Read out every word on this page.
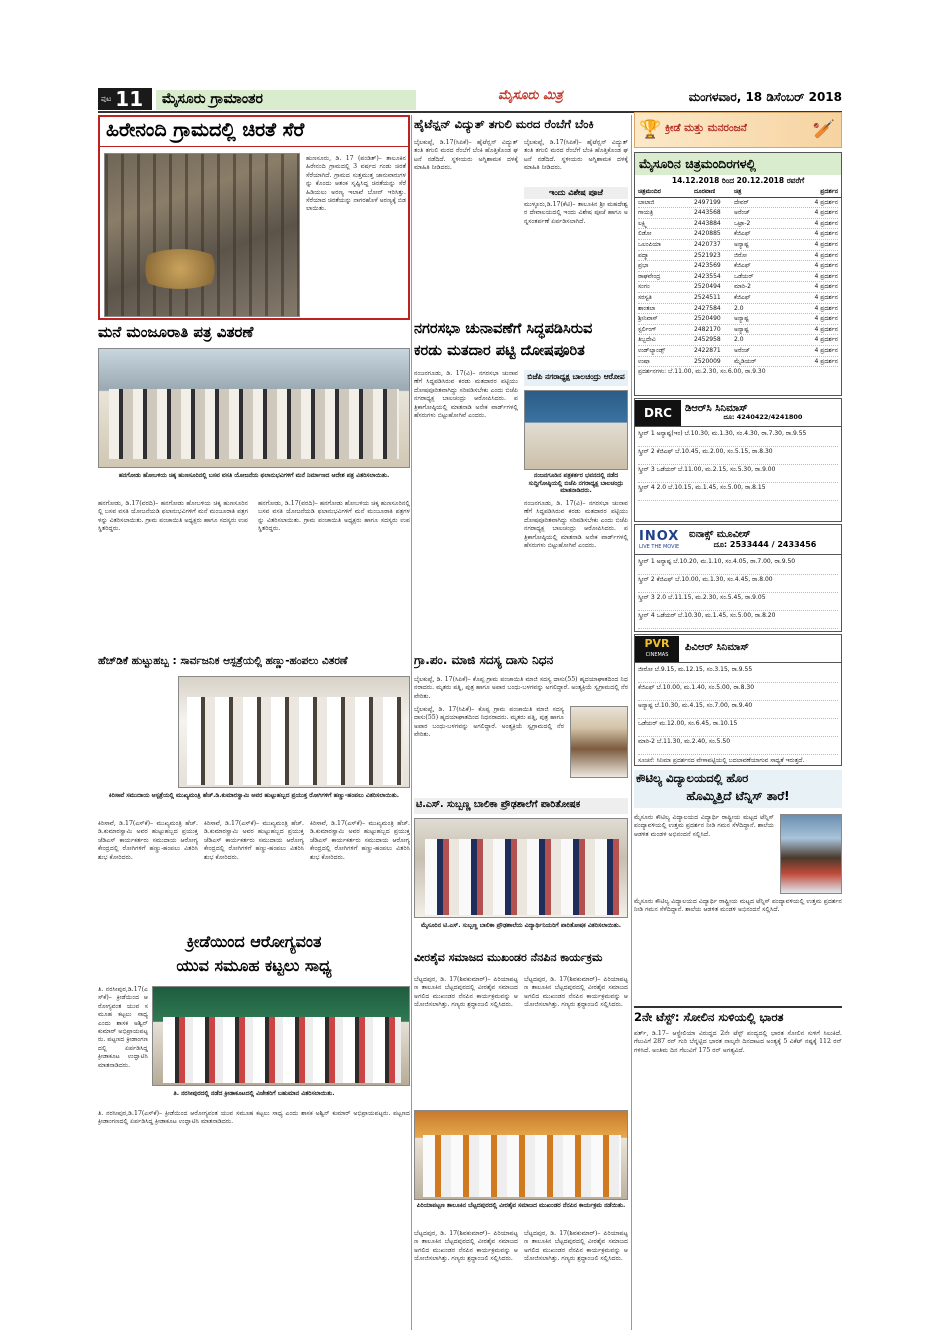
ಪುಟ 11	ಮೈಸೂರು ಗ್ರಾಮಾಂತರ	ಮೈಸೂರು ಮಿತ್ರ	ಮಂಗಳವಾರ, 18 ಡಿಸೆಂಬರ್ 2018
ಹಿರೇನಂದಿ ಗ್ರಾಮದಲ್ಲಿ ಚಿರತೆ ಸೆರೆ
ಹುಣಸೂರು, ಡಿ. 17 (ಪಂಡಿತ್)– ತಾಲೂಕಿನ ಹಿರೇನಂದಿ ಗ್ರಾಮದಲ್ಲಿ 3 ವರ್ಷದ ಗಂಡು ಚಿರತೆ ಸೆರೆಯಾಗಿದೆ. ಗ್ರಾಮದ ಸುತ್ತಮುತ್ತ ಜಾನುವಾರುಗಳನ್ನು ಕೊಂದು ಆತಂಕ ಸೃಷ್ಟಿಸಿದ್ದ ಚಿರತೆಯನ್ನು ಸೆರೆ ಹಿಡಿಯಲು ಅರಣ್ಯ ಇಲಾಖೆ ಬೋನ್ ಇರಿಸಿತ್ತು. ಸೆರೆಯಾದ ಚಿರತೆಯನ್ನು ನಾಗರಹೊಳೆ ಅರಣ್ಯಕ್ಕೆ ಬಿಡಲಾಯಿತು.
ಹೈಟೆನ್ಷನ್ ವಿದ್ಯುತ್ ತಗುಲಿ ಮರದ ರೆಂಬೆಗೆ ಬೆಂಕಿ
ಬೈಲಕುಪ್ಪೆ, ಡಿ.17(ಸಿಪಿಕೆ)– ಹೈಟೆನ್ಷನ್ ವಿದ್ಯುತ್ ತಂತಿ ತಗುಲಿ ಮರದ ರೆಂಬೆಗೆ ಬೆಂಕಿ ಹೊತ್ತಿಕೊಂಡ ಘಟನೆ ನಡೆದಿದೆ. ಸ್ಥಳೀಯರು ಅಗ್ನಿಶಾಮಕ ದಳಕ್ಕೆ ಮಾಹಿತಿ ನೀಡಿದರು.
ಬೈಲಕುಪ್ಪೆ, ಡಿ.17(ಸಿಪಿಕೆ)– ಹೈಟೆನ್ಷನ್ ವಿದ್ಯುತ್ ತಂತಿ ತಗುಲಿ ಮರದ ರೆಂಬೆಗೆ ಬೆಂಕಿ ಹೊತ್ತಿಕೊಂಡ ಘಟನೆ ನಡೆದಿದೆ. ಸ್ಥಳೀಯರು ಅಗ್ನಿಶಾಮಕ ದಳಕ್ಕೆ ಮಾಹಿತಿ ನೀಡಿದರು.
ಇಂದು ವಿಶೇಷ ಪೂಜೆ
ಮುಳ್ಳೂರು,ಡಿ.17(ಕೆಟಿ)– ತಾಲೂಕಿನ ಶ್ರೀ ಮಹದೇಶ್ವರ ದೇವಾಲಯದಲ್ಲಿ ಇಂದು ವಿಶೇಷ ಪೂಜೆ ಹಾಗೂ ಅನ್ನಸಂತರ್ಪಣೆ ಏರ್ಪಡಿಸಲಾಗಿದೆ.
ಮನೆ ಮಂಜೂರಾತಿ ಪತ್ರ ವಿತರಣೆ
ಹನಗೋಡು ಹೋಬಳಿಯ ಚಿಕ್ಕ ಹುಣಸೂರಿನಲ್ಲಿ ಬಸವ ವಸತಿ ಯೋಜನೆಯ ಫಲಾನುಭವಿಗಳಿಗೆ ಮನೆ ನಿರ್ಮಾಣದ ಆದೇಶ ಪತ್ರ ವಿತರಿಸಲಾಯಿತು.
ಹನಗೋಡು, ಡಿ.17(ವರದಿ)– ಹನಗೋಡು ಹೋಬಳಿಯ ಚಿಕ್ಕ ಹುಣಸೂರಿನಲ್ಲಿ ಬಸವ ವಸತಿ ಯೋಜನೆಯಡಿ ಫಲಾನುಭವಿಗಳಿಗೆ ಮನೆ ಮಂಜೂರಾತಿ ಪತ್ರಗಳನ್ನು ವಿತರಿಸಲಾಯಿತು. ಗ್ರಾಮ ಪಂಚಾಯಿತಿ ಅಧ್ಯಕ್ಷರು ಹಾಗೂ ಸದಸ್ಯರು ಉಪಸ್ಥಿತರಿದ್ದರು.
ಹನಗೋಡು, ಡಿ.17(ವರದಿ)– ಹನಗೋಡು ಹೋಬಳಿಯ ಚಿಕ್ಕ ಹುಣಸೂರಿನಲ್ಲಿ ಬಸವ ವಸತಿ ಯೋಜನೆಯಡಿ ಫಲಾನುಭವಿಗಳಿಗೆ ಮನೆ ಮಂಜೂರಾತಿ ಪತ್ರಗಳನ್ನು ವಿತರಿಸಲಾಯಿತು. ಗ್ರಾಮ ಪಂಚಾಯಿತಿ ಅಧ್ಯಕ್ಷರು ಹಾಗೂ ಸದಸ್ಯರು ಉಪಸ್ಥಿತರಿದ್ದರು.
ನಗರಸಭಾ ಚುನಾವಣೆಗೆ ಸಿದ್ಧಪಡಿಸಿರುವ
ಕರಡು ಮತದಾರ ಪಟ್ಟಿ ದೋಷಪೂರಿತ
ನಂಜನಗೂಡು, ಡಿ. 17(ವಿ)– ನಗರಸಭಾ ಚುನಾವಣೆಗೆ ಸಿದ್ಧಪಡಿಸಿರುವ ಕರಡು ಮತದಾರರ ಪಟ್ಟಿಯು ದೋಷಪೂರಿತವಾಗಿದ್ದು ಸರಿಪಡಿಸಬೇಕು ಎಂದು ಬಿಜೆಪಿ ನಗರಾಧ್ಯಕ್ಷ ಬಾಲಚಂದ್ರು ಆರೋಪಿಸಿದರು. ಪತ್ರಿಕಾಗೋಷ್ಠಿಯಲ್ಲಿ ಮಾತನಾಡಿ ಅನೇಕ ವಾರ್ಡ್‌ಗಳಲ್ಲಿ ಹೆಸರುಗಳು ಬಿಟ್ಟುಹೋಗಿವೆ ಎಂದರು.
ಬಿಜೆಪಿ ನಗರಾಧ್ಯಕ್ಷ ಬಾಲಚಂದ್ರು ಆರೋಪ
ನಂಜನಗೂಡಿನ ಪತ್ರಕರ್ತರ ಭವನದಲ್ಲಿ ನಡೆದ ಸುದ್ದಿಗೋಷ್ಠಿಯಲ್ಲಿ ಬಿಜೆಪಿ ನಗರಾಧ್ಯಕ್ಷ ಬಾಲಚಂದ್ರು ಮಾತನಾಡಿದರು.
ನಂಜನಗೂಡು, ಡಿ. 17(ವಿ)– ನಗರಸಭಾ ಚುನಾವಣೆಗೆ ಸಿದ್ಧಪಡಿಸಿರುವ ಕರಡು ಮತದಾರರ ಪಟ್ಟಿಯು ದೋಷಪೂರಿತವಾಗಿದ್ದು ಸರಿಪಡಿಸಬೇಕು ಎಂದು ಬಿಜೆಪಿ ನಗರಾಧ್ಯಕ್ಷ ಬಾಲಚಂದ್ರು ಆರೋಪಿಸಿದರು. ಪತ್ರಿಕಾಗೋಷ್ಠಿಯಲ್ಲಿ ಮಾತನಾಡಿ ಅನೇಕ ವಾರ್ಡ್‌ಗಳಲ್ಲಿ ಹೆಸರುಗಳು ಬಿಟ್ಟುಹೋಗಿವೆ ಎಂದರು.
ಹೆಚ್‌ಡಿಕೆ ಹುಟ್ಟುಹಬ್ಬ : ಸಾರ್ವಜನಿಕ ಆಸ್ಪತ್ರೆಯಲ್ಲಿ ಹಣ್ಣು-ಹಂಪಲು ವಿತರಣೆ
ಕಿರಿಸಾವೆ ಸಮುದಾಯ ಆಸ್ಪತ್ರೆಯಲ್ಲಿ ಮುಖ್ಯಮಂತ್ರಿ ಹೆಚ್.ಡಿ.ಕುಮಾರಸ್ವಾಮಿ ಅವರ ಹುಟ್ಟುಹಬ್ಬದ ಪ್ರಯುಕ್ತ ರೋಗಿಗಳಿಗೆ ಹಣ್ಣು-ಹಂಪಲು ವಿತರಿಸಲಾಯಿತು.
ಕಿರಿಸಾವೆ, ಡಿ.17(ಎಸ್‌ಕೆ)– ಮುಖ್ಯಮಂತ್ರಿ ಹೆಚ್.ಡಿ.ಕುಮಾರಸ್ವಾಮಿ ಅವರ ಹುಟ್ಟುಹಬ್ಬದ ಪ್ರಯುಕ್ತ ಜೆಡಿಎಸ್ ಕಾರ್ಯಕರ್ತರು ಸಮುದಾಯ ಆರೋಗ್ಯ ಕೇಂದ್ರದಲ್ಲಿ ರೋಗಿಗಳಿಗೆ ಹಣ್ಣು-ಹಂಪಲು ವಿತರಿಸಿ ಶುಭ ಕೋರಿದರು.
ಕಿರಿಸಾವೆ, ಡಿ.17(ಎಸ್‌ಕೆ)– ಮುಖ್ಯಮಂತ್ರಿ ಹೆಚ್.ಡಿ.ಕುಮಾರಸ್ವಾಮಿ ಅವರ ಹುಟ್ಟುಹಬ್ಬದ ಪ್ರಯುಕ್ತ ಜೆಡಿಎಸ್ ಕಾರ್ಯಕರ್ತರು ಸಮುದಾಯ ಆರೋಗ್ಯ ಕೇಂದ್ರದಲ್ಲಿ ರೋಗಿಗಳಿಗೆ ಹಣ್ಣು-ಹಂಪಲು ವಿತರಿಸಿ ಶುಭ ಕೋರಿದರು.
ಕಿರಿಸಾವೆ, ಡಿ.17(ಎಸ್‌ಕೆ)– ಮುಖ್ಯಮಂತ್ರಿ ಹೆಚ್.ಡಿ.ಕುಮಾರಸ್ವಾಮಿ ಅವರ ಹುಟ್ಟುಹಬ್ಬದ ಪ್ರಯುಕ್ತ ಜೆಡಿಎಸ್ ಕಾರ್ಯಕರ್ತರು ಸಮುದಾಯ ಆರೋಗ್ಯ ಕೇಂದ್ರದಲ್ಲಿ ರೋಗಿಗಳಿಗೆ ಹಣ್ಣು-ಹಂಪಲು ವಿತರಿಸಿ ಶುಭ ಕೋರಿದರು.
ಗ್ರಾ.ಪಂ. ಮಾಜಿ ಸದಸ್ಯ ದಾಸು ನಿಧನ
ಬೈಲಕುಪ್ಪೆ, ಡಿ. 17(ಸಿಪಿಕೆ)– ಕೊಪ್ಪ ಗ್ರಾಮ ಪಂಚಾಯಿತಿ ಮಾಜಿ ಸದಸ್ಯ ದಾಸು(55) ಹೃದಯಾಘಾತದಿಂದ ನಿಧನರಾದರು. ಮೃತರು ಪತ್ನಿ, ಪುತ್ರ ಹಾಗೂ ಅಪಾರ ಬಂಧು-ಬಳಗವನ್ನು ಅಗಲಿದ್ದಾರೆ. ಅಂತ್ಯಕ್ರಿಯೆ ಸ್ವಗ್ರಾಮದಲ್ಲಿ ನೆರವೇರಿತು.
ಬೈಲಕುಪ್ಪೆ, ಡಿ. 17(ಸಿಪಿಕೆ)– ಕೊಪ್ಪ ಗ್ರಾಮ ಪಂಚಾಯಿತಿ ಮಾಜಿ ಸದಸ್ಯ ದಾಸು(55) ಹೃದಯಾಘಾತದಿಂದ ನಿಧನರಾದರು. ಮೃತರು ಪತ್ನಿ, ಪುತ್ರ ಹಾಗೂ ಅಪಾರ ಬಂಧು-ಬಳಗವನ್ನು ಅಗಲಿದ್ದಾರೆ. ಅಂತ್ಯಕ್ರಿಯೆ ಸ್ವಗ್ರಾಮದಲ್ಲಿ ನೆರವೇರಿತು.
ಟಿ.ಎಸ್. ಸುಬ್ಬಣ್ಣ ಬಾಲಿಕಾ ಪ್ರೌಢಶಾಲೆಗೆ ಪಾರಿತೋಷಕ
ಮೈಸೂರಿನ ಟಿ.ಎಸ್. ಸುಬ್ಬಣ್ಣ ಬಾಲಿಕಾ ಪ್ರೌಢಶಾಲೆಯ ವಿದ್ಯಾರ್ಥಿನಿಯರಿಗೆ ಪಾರಿತೋಷಕ ವಿತರಿಸಲಾಯಿತು.
ಕ್ರೀಡೆಯಿಂದ ಆರೋಗ್ಯವಂತ
ಯುವ ಸಮೂಹ ಕಟ್ಟಲು ಸಾಧ್ಯ
ತಿ. ನರಸೀಪುರ,ಡಿ.17(ಎಸ್‌ಕೆ)– ಕ್ರೀಡೆಯಿಂದ ಆರೋಗ್ಯವಂತ ಯುವ ಸಮೂಹ ಕಟ್ಟಲು ಸಾಧ್ಯ ಎಂದು ಶಾಸಕ ಅಶ್ವಿನ್ ಕುಮಾರ್ ಅಭಿಪ್ರಾಯಪಟ್ಟರು. ಪಟ್ಟಣದ ಕ್ರೀಡಾಂಗಣದಲ್ಲಿ ಏರ್ಪಡಿಸಿದ್ದ ಕ್ರೀಡಾಕೂಟ ಉದ್ಘಾಟಿಸಿ ಮಾತನಾಡಿದರು.
ತಿ. ನರಸೀಪುರದಲ್ಲಿ ನಡೆದ ಕ್ರೀಡಾಕೂಟದಲ್ಲಿ ವಿಜೇತರಿಗೆ ಬಹುಮಾನ ವಿತರಿಸಲಾಯಿತು.
ತಿ. ನರಸೀಪುರ,ಡಿ.17(ಎಸ್‌ಕೆ)– ಕ್ರೀಡೆಯಿಂದ ಆರೋಗ್ಯವಂತ ಯುವ ಸಮೂಹ ಕಟ್ಟಲು ಸಾಧ್ಯ ಎಂದು ಶಾಸಕ ಅಶ್ವಿನ್ ಕುಮಾರ್ ಅಭಿಪ್ರಾಯಪಟ್ಟರು. ಪಟ್ಟಣದ ಕ್ರೀಡಾಂಗಣದಲ್ಲಿ ಏರ್ಪಡಿಸಿದ್ದ ಕ್ರೀಡಾಕೂಟ ಉದ್ಘಾಟಿಸಿ ಮಾತನಾಡಿದರು.
ವೀರಶೈವ ಸಮಾಜದ ಮುಖಂಡರ ನೆನಪಿನ ಕಾರ್ಯಕ್ರಮ
ಬೆಟ್ಟದಪುರ, ಡಿ. 17(ಶಿವಕುಮಾರ್)– ಪಿರಿಯಾಪಟ್ಟಣ ತಾಲೂಕಿನ ಬೆಟ್ಟದಪುರದಲ್ಲಿ ವೀರಶೈವ ಸಮಾಜದ ಅಗಲಿದ ಮುಖಂಡರ ನೆನಪಿನ ಕಾರ್ಯಕ್ರಮವನ್ನು ಆಯೋಜಿಸಲಾಗಿತ್ತು. ಗಣ್ಯರು ಶ್ರದ್ಧಾಂಜಲಿ ಸಲ್ಲಿಸಿದರು.
ಬೆಟ್ಟದಪುರ, ಡಿ. 17(ಶಿವಕುಮಾರ್)– ಪಿರಿಯಾಪಟ್ಟಣ ತಾಲೂಕಿನ ಬೆಟ್ಟದಪುರದಲ್ಲಿ ವೀರಶೈವ ಸಮಾಜದ ಅಗಲಿದ ಮುಖಂಡರ ನೆನಪಿನ ಕಾರ್ಯಕ್ರಮವನ್ನು ಆಯೋಜಿಸಲಾಗಿತ್ತು. ಗಣ್ಯರು ಶ್ರದ್ಧಾಂಜಲಿ ಸಲ್ಲಿಸಿದರು.
ಪಿರಿಯಾಪಟ್ಟಣ ತಾಲೂಕಿನ ಬೆಟ್ಟದಪುರದಲ್ಲಿ ವೀರಶೈವ ಸಮಾಜದ ಮುಖಂಡರ ನೆನಪಿನ ಕಾರ್ಯಕ್ರಮ ನಡೆಯಿತು.
ಬೆಟ್ಟದಪುರ, ಡಿ. 17(ಶಿವಕುಮಾರ್)– ಪಿರಿಯಾಪಟ್ಟಣ ತಾಲೂಕಿನ ಬೆಟ್ಟದಪುರದಲ್ಲಿ ವೀರಶೈವ ಸಮಾಜದ ಅಗಲಿದ ಮುಖಂಡರ ನೆನಪಿನ ಕಾರ್ಯಕ್ರಮವನ್ನು ಆಯೋಜಿಸಲಾಗಿತ್ತು. ಗಣ್ಯರು ಶ್ರದ್ಧಾಂಜಲಿ ಸಲ್ಲಿಸಿದರು.
ಬೆಟ್ಟದಪುರ, ಡಿ. 17(ಶಿವಕುಮಾರ್)– ಪಿರಿಯಾಪಟ್ಟಣ ತಾಲೂಕಿನ ಬೆಟ್ಟದಪುರದಲ್ಲಿ ವೀರಶೈವ ಸಮಾಜದ ಅಗಲಿದ ಮುಖಂಡರ ನೆನಪಿನ ಕಾರ್ಯಕ್ರಮವನ್ನು ಆಯೋಜಿಸಲಾಗಿತ್ತು. ಗಣ್ಯರು ಶ್ರದ್ಧಾಂಜಲಿ ಸಲ್ಲಿಸಿದರು.
🏆 ಕ್ರೀಡೆ ಮತ್ತು ಮನರಂಜನೆ	🏏
ಮೈಸೂರಿನ ಚಿತ್ರಮಂದಿರಗಳಲ್ಲಿ
14.12.2018 ರಿಂದ 20.12.2018 ರವರೆಗೆ
ಚಿತ್ರಮಂದಿರ	ದೂರವಾಣಿ	ಚಿತ್ರ	ಪ್ರದರ್ಶನ
ಬಾಲಾಜಿ	2497199	ದೇವರ್	4 ಪ್ರದರ್ಶನ
ಗಾಯತ್ರಿ	2443568	ಅರೆಂಜ್	4 ಪ್ರದರ್ಶನ
ಲಕ್ಷ್ಮಿ	2443884	ಒಟ್ರಾ-2	4 ಪ್ರದರ್ಶನ
ಲಿಡೋ	2420885	ಕೆಜಿಎಫ್	4 ಪ್ರದರ್ಶನ
ಒಲಂಪಿಯಾ	2420737	ಅನ್ಯಾಷ್ಟ	4 ಪ್ರದರ್ಶನ
ಪದ್ಮಾ	2521923	ಜಿರೋ	4 ಪ್ರದರ್ಶನ
ಪ್ರಭಾ	2423569	ಕೆಜಿಎಫ್	4 ಪ್ರದರ್ಶನ
ರಾಘವೇಂದ್ರ	2423554	ಒಡೆಯರ್	4 ಪ್ರದರ್ಶನ
ಸಂಗಂ	2520494	ಮಾರಿ-2	4 ಪ್ರದರ್ಶನ
ಸರಸ್ವತಿ	2524511	ಕೆಜಿಎಫ್	4 ಪ್ರದರ್ಶನ
ಶಾಂತಲಾ	2427584	2.0	4 ಪ್ರದರ್ಶನ
ಶ್ರೀನಿವಾಸ್	2520490	ಅನ್ಯಾಷ್ಟ	4 ಪ್ರದರ್ಶನ
ಸ್ಟರ್ಲಿಂಗ್	2482170	ಅನ್ಯಾಷ್ಟ	4 ಪ್ರದರ್ಶನ
ತಿಬ್ಬದೇವಿ	2452958	2.0	4 ಪ್ರದರ್ಶನ
ಉಡ್‌ಲ್ಯಾಂಡ್ಸ್	2422871	ಅರೆಂಜ್	4 ಪ್ರದರ್ಶನ
ಉಷಾ	2520009	ಮೈಡಿಯರ್	4 ಪ್ರದರ್ಶನ
ಪ್ರದರ್ಶನಗಳು: ಬೆ.11.00, ಮ.2.30, ಸಂ.6.00, ರಾ.9.30
DRC	ಡಿಆರ್‌ಸಿ ಸಿನಿಮಾಸ್
ದೂ: 4240422/4241800
ಸ್ಕ್ರೀನ್ 1 ಅನ್ಯಾಷ್ಟ(ಇಂ) ಬೆ.10.30, ಮ.1.30, ಸಂ.4.30, ರಾ.7.30, ರಾ.9.55
ಸ್ಕ್ರೀನ್ 2 ಕೆಜಿಎಫ್ ಬೆ.10.45, ಮ.2.00, ಸಂ.5.15, ರಾ.8.30
ಸ್ಕ್ರೀನ್ 3 ಒಡೆಯರ್ ಬೆ.11.00, ಮ.2.15, ಸಂ.5.30, ರಾ.9.00
ಸ್ಕ್ರೀನ್ 4 2.0 ಬೆ.10.15, ಮ.1.45, ಸಂ.5.00, ರಾ.8.15
INOX
LIVE THE MOVIE
ಐನಾಕ್ಸ್ ಮೂವೀಸ್
ದೂ: 2533444 / 2433456
ಸ್ಕ್ರೀನ್ 1 ಅನ್ಯಾಷ್ಟ ಬೆ.10.20, ಮ.1.10, ಸಂ.4.05, ರಾ.7.00, ರಾ.9.50
ಸ್ಕ್ರೀನ್ 2 ಕೆಜಿಎಫ್ ಬೆ.10.00, ಮ.1.30, ಸಂ.4.45, ರಾ.8.00
ಸ್ಕ್ರೀನ್ 3 2.0 ಬೆ.11.15, ಮ.2.30, ಸಂ.5.45, ರಾ.9.05
ಸ್ಕ್ರೀನ್ 4 ಒಡೆಯರ್ ಬೆ.10.30, ಮ.1.45, ಸಂ.5.00, ರಾ.8.20
PVR
CINEMAS
ಪಿವಿಆರ್ ಸಿನಿಮಾಸ್
ಜೀರೋ ಬೆ.9.15, ಮ.12.15, ಸಂ.3.15, ರಾ.9.55
ಕೆಜಿಎಫ್ ಬೆ.10.00, ಮ.1.40, ಸಂ.5.00, ರಾ.8.30
ಅನ್ಯಾಷ್ಟ ಬೆ.10.30, ಮ.4.15, ಸಂ.7.00, ರಾ.9.40
ಒಡೆಯರ್ ಮ.12.00, ಸಂ.6.45, ರಾ.10.15
ಮಾರಿ-2 ಬೆ.11.30, ಮ.2.40, ಸಂ.5.50
ಸೂಚನೆ: ಸಿನಿಮಾ ಪ್ರದರ್ಶನದ ವೇಳಾಪಟ್ಟಿಯಲ್ಲಿ ಬದಲಾವಣೆಯಾಗುವ ಸಾಧ್ಯತೆ ಇರುತ್ತದೆ.
ಕೌಟಿಲ್ಯ ವಿದ್ಯಾಲಯದಲ್ಲಿ ಹೊರ
ಹೊಮ್ಮಿತ್ತಿದೆ ಟೆನ್ನಿಸ್ ತಾರೆ!
ಮೈಸೂರು ಕೌಟಿಲ್ಯ ವಿದ್ಯಾಲಯದ ವಿದ್ಯಾರ್ಥಿ ರಾಷ್ಟ್ರೀಯ ಮಟ್ಟದ ಟೆನ್ನಿಸ್ ಪಂದ್ಯಾವಳಿಯಲ್ಲಿ ಉತ್ತಮ ಪ್ರದರ್ಶನ ನೀಡಿ ಗಮನ ಸೆಳೆದಿದ್ದಾನೆ. ಶಾಲೆಯ ಆಡಳಿತ ಮಂಡಳಿ ಅಭಿನಂದನೆ ಸಲ್ಲಿಸಿದೆ.
ಮೈಸೂರು ಕೌಟಿಲ್ಯ ವಿದ್ಯಾಲಯದ ವಿದ್ಯಾರ್ಥಿ ರಾಷ್ಟ್ರೀಯ ಮಟ್ಟದ ಟೆನ್ನಿಸ್ ಪಂದ್ಯಾವಳಿಯಲ್ಲಿ ಉತ್ತಮ ಪ್ರದರ್ಶನ ನೀಡಿ ಗಮನ ಸೆಳೆದಿದ್ದಾನೆ. ಶಾಲೆಯ ಆಡಳಿತ ಮಂಡಳಿ ಅಭಿನಂದನೆ ಸಲ್ಲಿಸಿದೆ.
2ನೇ ಟೆಸ್ಟ್: ಸೋಲಿನ ಸುಳಿಯಲ್ಲಿ ಭಾರತ
ಪರ್ತ್, ಡಿ.17– ಆಸ್ಟ್ರೇಲಿಯಾ ವಿರುದ್ಧದ 2ನೇ ಟೆಸ್ಟ್ ಪಂದ್ಯದಲ್ಲಿ ಭಾರತ ಸೋಲಿನ ಸುಳಿಗೆ ಸಿಲುಕಿದೆ. ಗೆಲುವಿಗೆ 287 ರನ್ ಗುರಿ ಬೆನ್ನಟ್ಟಿದ ಭಾರತ ನಾಲ್ಕನೇ ದಿನದಾಟದ ಅಂತ್ಯಕ್ಕೆ 5 ವಿಕೆಟ್ ನಷ್ಟಕ್ಕೆ 112 ರನ್ ಗಳಿಸಿದೆ. ಅಂತಿಮ ದಿನ ಗೆಲುವಿಗೆ 175 ರನ್ ಅಗತ್ಯವಿದೆ.
